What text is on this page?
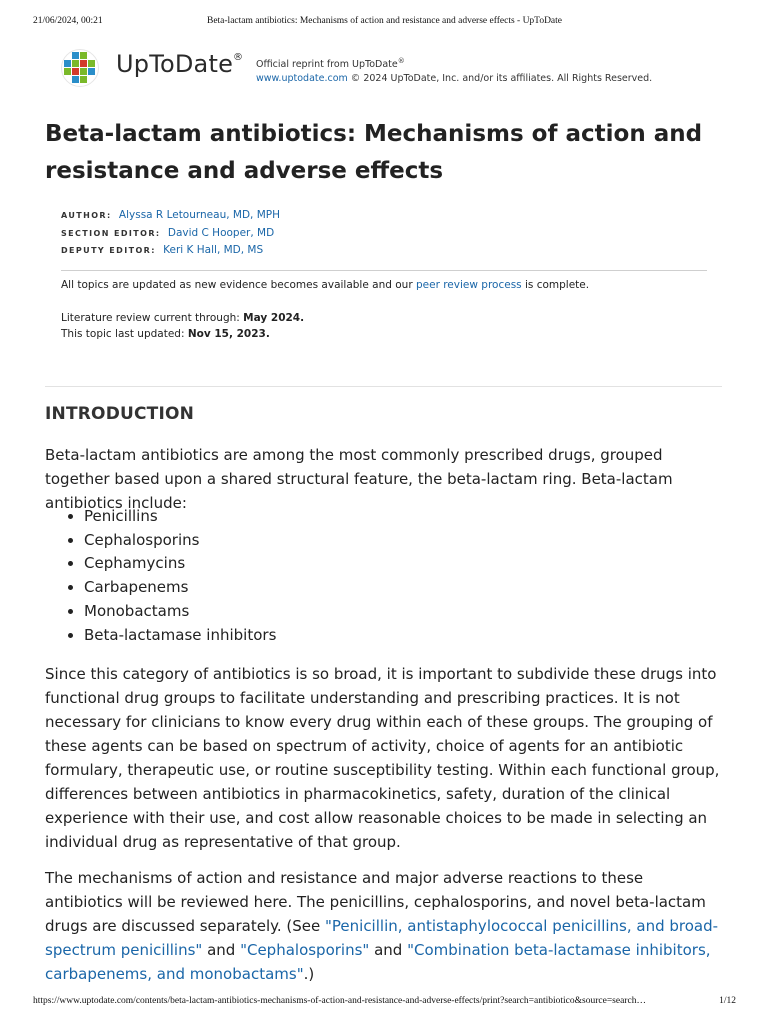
21/06/2024, 00:21	Beta-lactam antibiotics: Mechanisms of action and resistance and adverse effects - UpToDate
UpToDate®
Official reprint from UpToDate®
www.uptodate.com © 2024 UpToDate, Inc. and/or its affiliates. All Rights Reserved.
Beta-lactam antibiotics: Mechanisms of action and resistance and adverse effects
AUTHOR: Alyssa R Letourneau, MD, MPH
SECTION EDITOR: David C Hooper, MD
DEPUTY EDITOR: Keri K Hall, MD, MS
All topics are updated as new evidence becomes available and our peer review process is complete.
Literature review current through: May 2024.
This topic last updated: Nov 15, 2023.
INTRODUCTION

Beta-lactam antibiotics are among the most commonly prescribed drugs, grouped together based upon a shared structural feature, the beta-lactam ring. Beta-lactam antibiotics include:

• Penicillins
• Cephalosporins
• Cephamycins
• Carbapenems
• Monobactams
• Beta-lactamase inhibitors

Since this category of antibiotics is so broad, it is important to subdivide these drugs into functional drug groups to facilitate understanding and prescribing practices. It is not necessary for clinicians to know every drug within each of these groups. The grouping of these agents can be based on spectrum of activity, choice of agents for an antibiotic formulary, therapeutic use, or routine susceptibility testing. Within each functional group, differences between antibiotics in pharmacokinetics, safety, duration of the clinical experience with their use, and cost allow reasonable choices to be made in selecting an individual drug as representative of that group.

The mechanisms of action and resistance and major adverse reactions to these antibiotics will be reviewed here. The penicillins, cephalosporins, and novel beta-lactam drugs are discussed separately. (See "Penicillin, antistaphylococcal penicillins, and broad-spectrum penicillins" and "Cephalosporins" and "Combination beta-lactamase inhibitors, carbapenems, and monobactams".)

https://www.uptodate.com/contents/beta-lactam-antibiotics-mechanisms-of-action-and-resistance-and-adverse-effects/print?search=antibiotico&source=search…	1/12
